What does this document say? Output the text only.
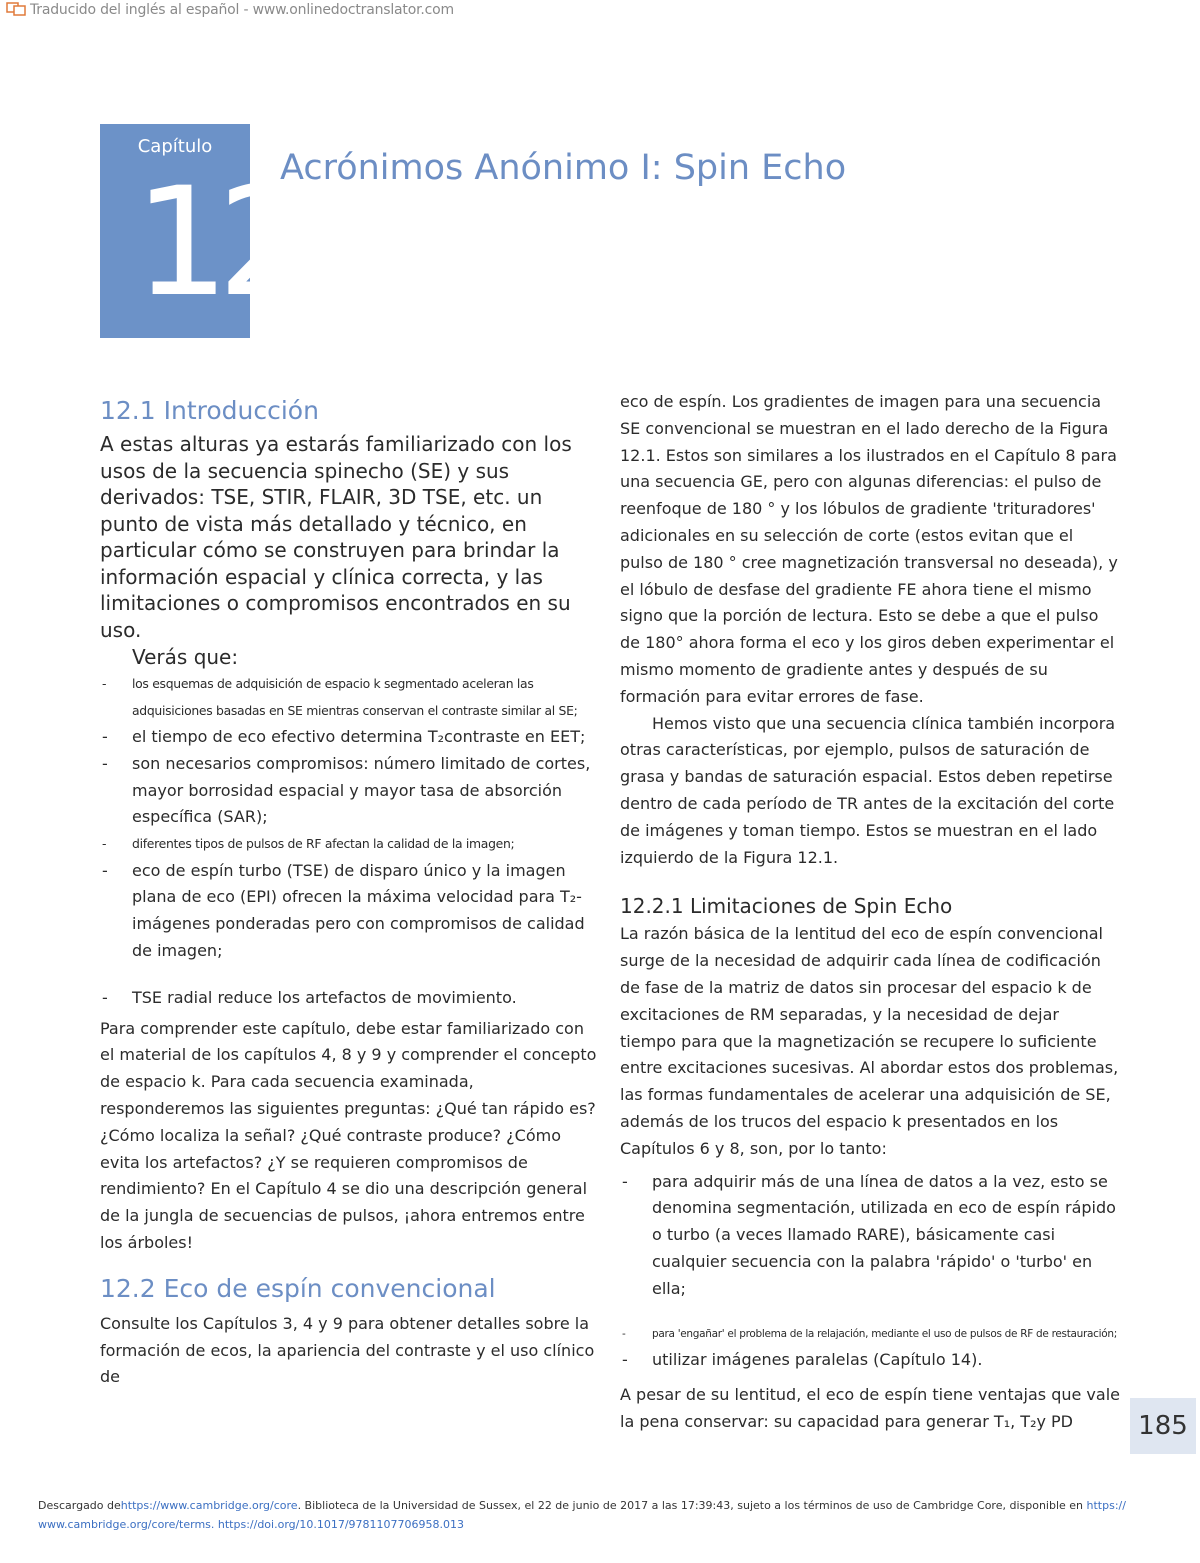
Traducido del inglés al español - www.onlinedoctranslator.com
Capítulo
12
Acrónimos Anónimo I: Spin Echo
12.1 Introducción

A estas alturas ya estarás familiarizado con los usos de la secuencia spinecho (SE) y sus derivados: TSE, STIR, FLAIR, 3D TSE, etc. un punto de vista más detallado y técnico, en particular cómo se construyen para brindar la información espacial y clínica correcta, y las limitaciones o compromisos encontrados en su uso.

Verás que:

- los esquemas de adquisición de espacio k segmentado aceleran las adquisiciones basadas en SE mientras conservan el contraste similar al SE;
- el tiempo de eco efectivo determina T₂contraste en EET;
- son necesarios compromisos: número limitado de cortes, mayor borrosidad espacial y mayor tasa de absorción específica (SAR);
- diferentes tipos de pulsos de RF afectan la calidad de la imagen;
- eco de espín turbo (TSE) de disparo único y la imagen plana de eco (EPI) ofrecen la máxima velocidad para T₂- imágenes ponderadas pero con compromisos de calidad de imagen;
- TSE radial reduce los artefactos de movimiento.

Para comprender este capítulo, debe estar familiarizado con el material de los capítulos 4, 8 y 9 y comprender el concepto de espacio k. Para cada secuencia examinada, responderemos las siguientes preguntas: ¿Qué tan rápido es? ¿Cómo localiza la señal? ¿Qué contraste produce? ¿Cómo evita los artefactos? ¿Y se requieren compromisos de rendimiento? En el Capítulo 4 se dio una descripción general de la jungla de secuencias de pulsos, ¡ahora entremos entre los árboles!

12.2 Eco de espín convencional

Consulte los Capítulos 3, 4 y 9 para obtener detalles sobre la formación de ecos, la apariencia del contraste y el uso clínico de

eco de espín. Los gradientes de imagen para una secuencia SE convencional se muestran en el lado derecho de la Figura 12.1. Estos son similares a los ilustrados en el Capítulo 8 para una secuencia GE, pero con algunas diferencias: el pulso de reenfoque de 180 ° y los lóbulos de gradiente 'trituradores' adicionales en su selección de corte (estos evitan que el pulso de 180 ° cree magnetización transversal no deseada), y el lóbulo de desfase del gradiente FE ahora tiene el mismo signo que la porción de lectura. Esto se debe a que el pulso de 180° ahora forma el eco y los giros deben experimentar el mismo momento de gradiente antes y después de su formación para evitar errores de fase.

Hemos visto que una secuencia clínica también incorpora otras características, por ejemplo, pulsos de saturación de grasa y bandas de saturación espacial. Estos deben repetirse dentro de cada período de TR antes de la excitación del corte de imágenes y toman tiempo. Estos se muestran en el lado izquierdo de la Figura 12.1.

12.2.1 Limitaciones de Spin Echo

La razón básica de la lentitud del eco de espín convencional surge de la necesidad de adquirir cada línea de codificación de fase de la matriz de datos sin procesar del espacio k de excitaciones de RM separadas, y la necesidad de dejar tiempo para que la magnetización se recupere lo suficiente entre excitaciones sucesivas. Al abordar estos dos problemas, las formas fundamentales de acelerar una adquisición de SE, además de los trucos del espacio k presentados en los Capítulos 6 y 8, son, por lo tanto:

- para adquirir más de una línea de datos a la vez, esto se denomina segmentación, utilizada en eco de espín rápido o turbo (a veces llamado RARE), básicamente casi cualquier secuencia con la palabra 'rápido' o 'turbo' en ella;
- para 'engañar' el problema de la relajación, mediante el uso de pulsos de RF de restauración;
- utilizar imágenes paralelas (Capítulo 14).

A pesar de su lentitud, el eco de espín tiene ventajas que vale la pena conservar: su capacidad para generar T₁, T₂y PD	185
Descargado dehttps://www.cambridge.org/core. Biblioteca de la Universidad de Sussex, el 22 de junio de 2017 a las 17:39:43, sujeto a los términos de uso de Cambridge Core, disponible en https://
www.cambridge.org/core/terms. https://doi.org/10.1017/9781107706958.013
